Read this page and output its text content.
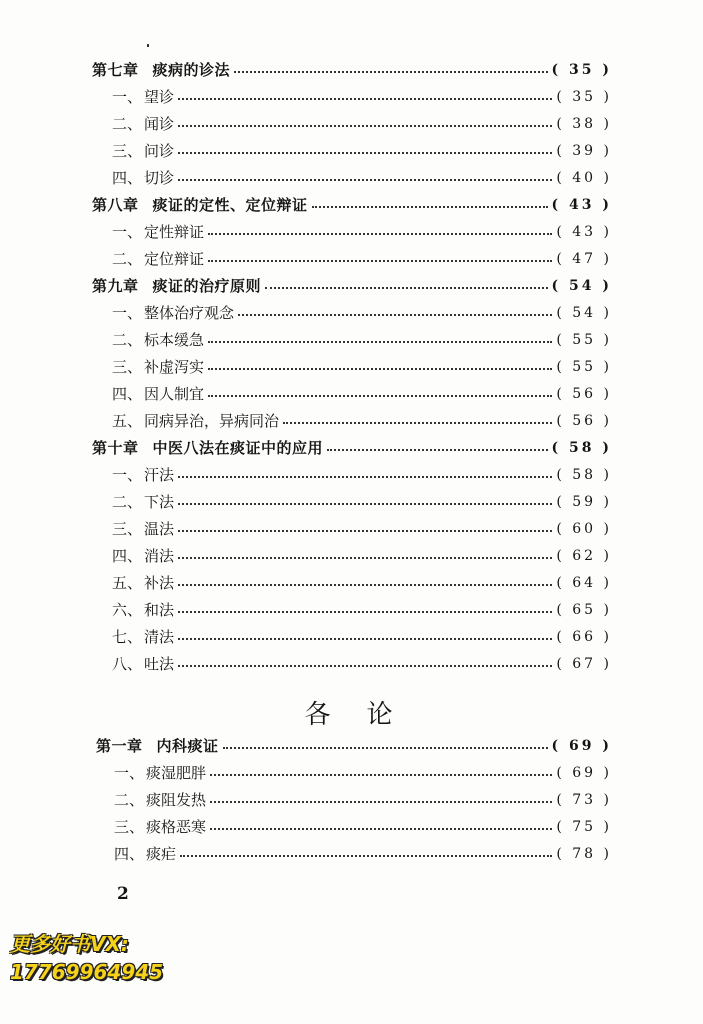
第七章 痰病的诊法	( 35 )
一、 望诊	( 35 )
二、 闻诊	( 38 )
三、 问诊	( 39 )
四、 切诊	( 40 )
第八章 痰证的定性、定位辩证	( 43 )
一、 定性辩证	( 43 )
二、 定位辩证	( 47 )
第九章 痰证的治疗原则	( 54 )
一、 整体治疗观念	( 54 )
二、 标本缓急	( 55 )
三、 补虚泻实	( 55 )
四、 因人制宜	( 56 )
五、 同病异治，异病同治	( 56 )
第十章 中医八法在痰证中的应用	( 58 )
一、 汗法	( 58 )
二、 下法	( 59 )
三、 温法	( 60 )
四、 消法	( 62 )
五、 补法	( 64 )
六、 和法	( 65 )
七、 清法	( 66 )
八、 吐法	( 67 )
各论
第一章 内科痰证	( 69 )
一、 痰湿肥胖	( 69 )
二、 痰阻发热	( 73 )
三、 痰格恶寒	( 75 )
四、 痰疟	( 78 )
2
更多好书VX:
17769964945
